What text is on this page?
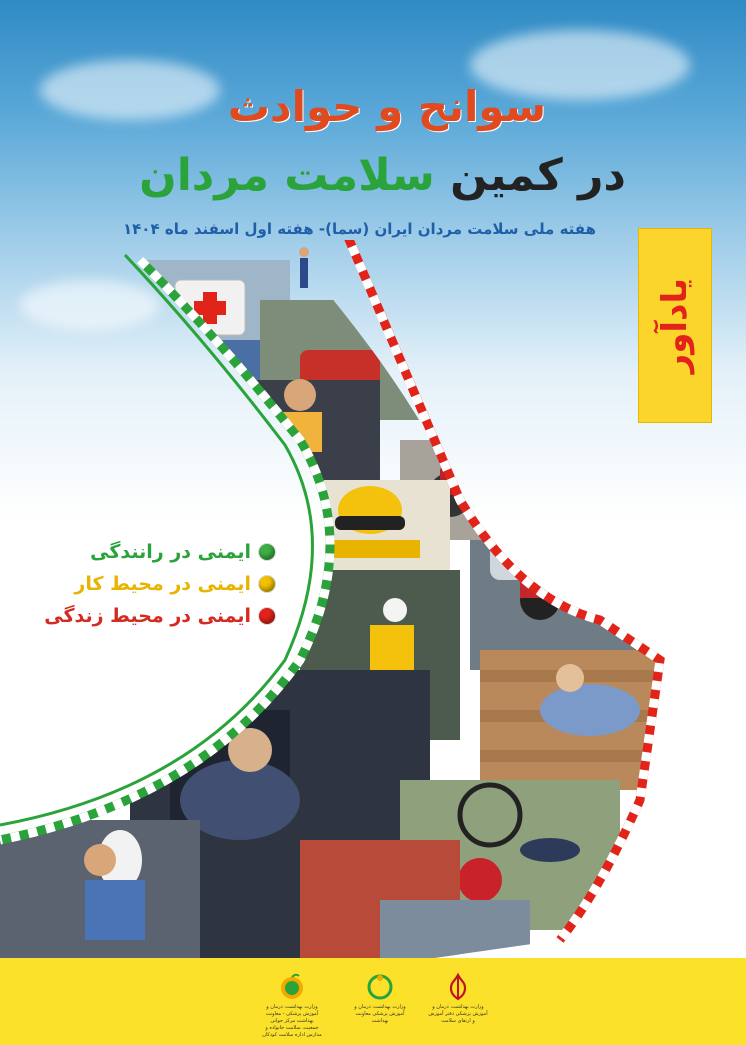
سوانح و حوادث
در کمین سلامت مردان
هفته ملی سلامت مردان ایران (سما)- هفته اول اسفند ماه ۱۴۰۴
یادآور
ایمنی در رانندگی
ایمنی در محیط کار
ایمنی در محیط زندگی
وزارت بهداشت، درمان و آموزش پزشکی دفتر آموزش و ارتقای سلامت
وزارت بهداشت، درمان و آموزش پزشکی معاونت بهداشت
وزارت بهداشت، درمان و آموزش پزشکی - معاونت بهداشت مرکز جوانی جمعیت، سلامت خانواده و مدارس اداره سلامت کودکان
